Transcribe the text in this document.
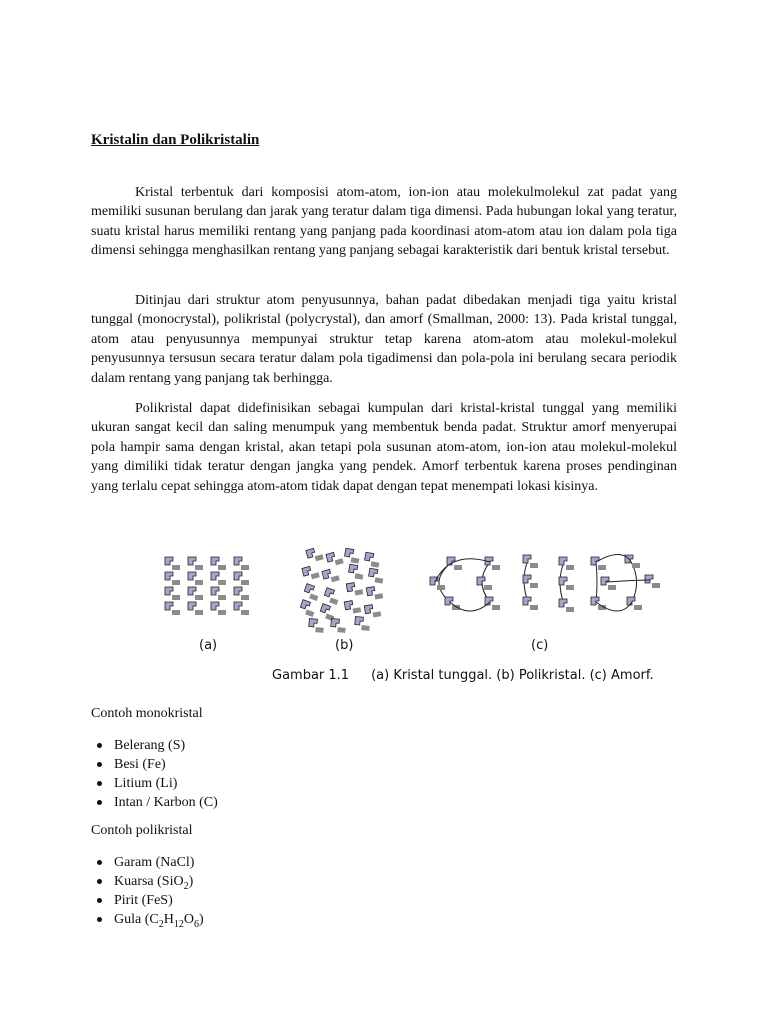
Kristalin dan Polikristalin

Kristal terbentuk dari komposisi atom-atom, ion-ion atau molekulmolekul zat padat yang memiliki susunan berulang dan jarak yang teratur dalam tiga dimensi. Pada hubungan lokal yang teratur, suatu kristal harus memiliki rentang yang panjang pada koordinasi atom-atom atau ion dalam pola tiga dimensi sehingga menghasilkan rentang yang panjang sebagai karakteristik dari bentuk kristal tersebut.

Ditinjau dari struktur atom penyusunnya, bahan padat dibedakan menjadi tiga yaitu kristal tunggal (monocrystal), polikristal (polycrystal), dan amorf (Smallman, 2000: 13). Pada kristal tunggal, atom atau penyusunnya mempunyai struktur tetap karena atom-atom atau molekul-molekul penyusunnya tersusun secara teratur dalam pola tigadimensi dan pola-pola ini berulang secara periodik dalam rentang yang panjang tak berhingga.

Polikristal dapat didefinisikan sebagai kumpulan dari kristal-kristal tunggal yang memiliki ukuran sangat kecil dan saling menumpuk yang membentuk benda padat. Struktur amorf menyerupai pola hampir sama dengan kristal, akan tetapi pola susunan atom-atom, ion-ion atau molekul-molekul yang dimiliki tidak teratur dengan jangka yang pendek. Amorf terbentuk karena proses pendinginan yang terlalu cepat sehingga atom-atom tidak dapat dengan tepat menempati lokasi kisinya.

(a)	(b)	(c)
Gambar 1.1 (a) Kristal tunggal. (b) Polikristal. (c) Amorf.

Contoh monokristal

Belerang (S)
Besi (Fe)
Litium (Li)
Intan / Karbon (C)

Contoh polikristal

Garam (NaCl)
Kuarsa (SiO$_2$)
Pirit (FeS)
Gula $(C_2H_{12}O_6)$
